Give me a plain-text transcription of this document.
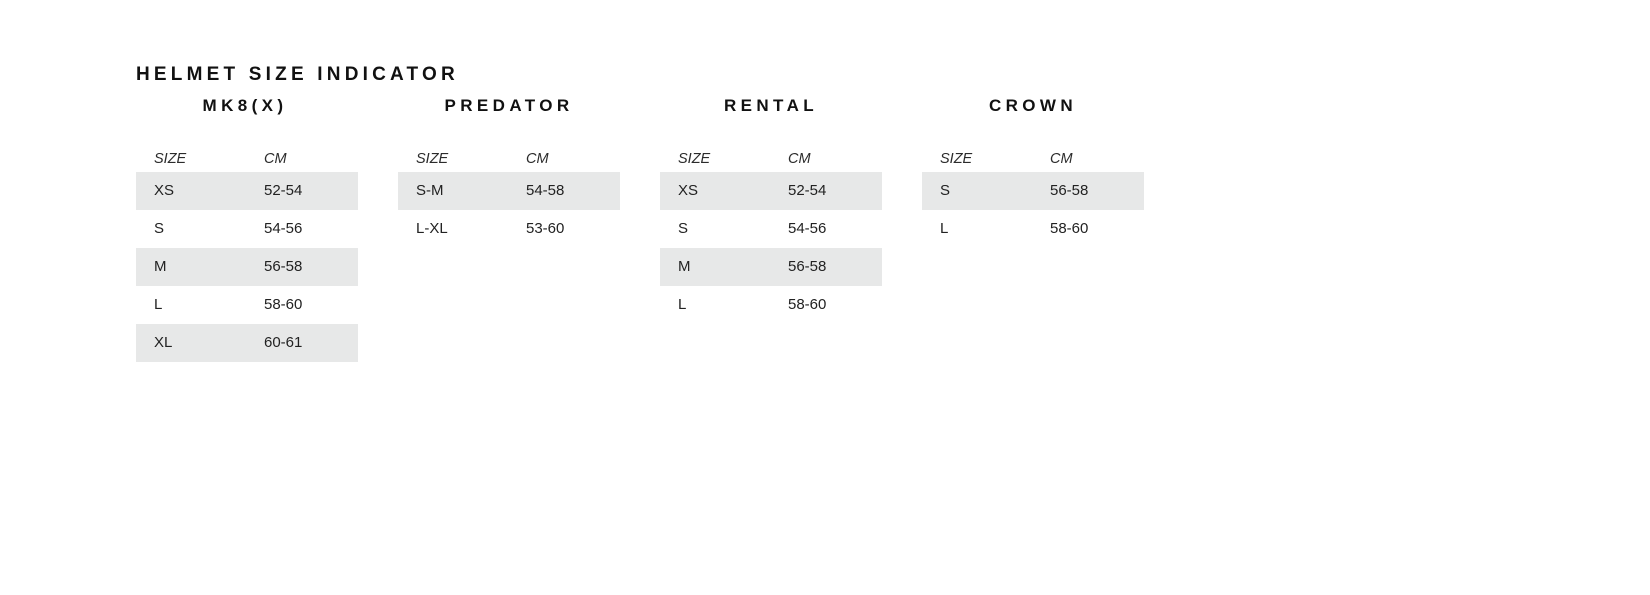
HELMET SIZE INDICATOR
MK8(X)
SIZE	CM
XS	52-54
S	54-56
M	56-58
L	58-60
XL	60-61
PREDATOR
SIZE	CM
S-M	54-58
L-XL	53-60
RENTAL
SIZE	CM
XS	52-54
S	54-56
M	56-58
L	58-60
CROWN
SIZE	CM
S	56-58
L	58-60
